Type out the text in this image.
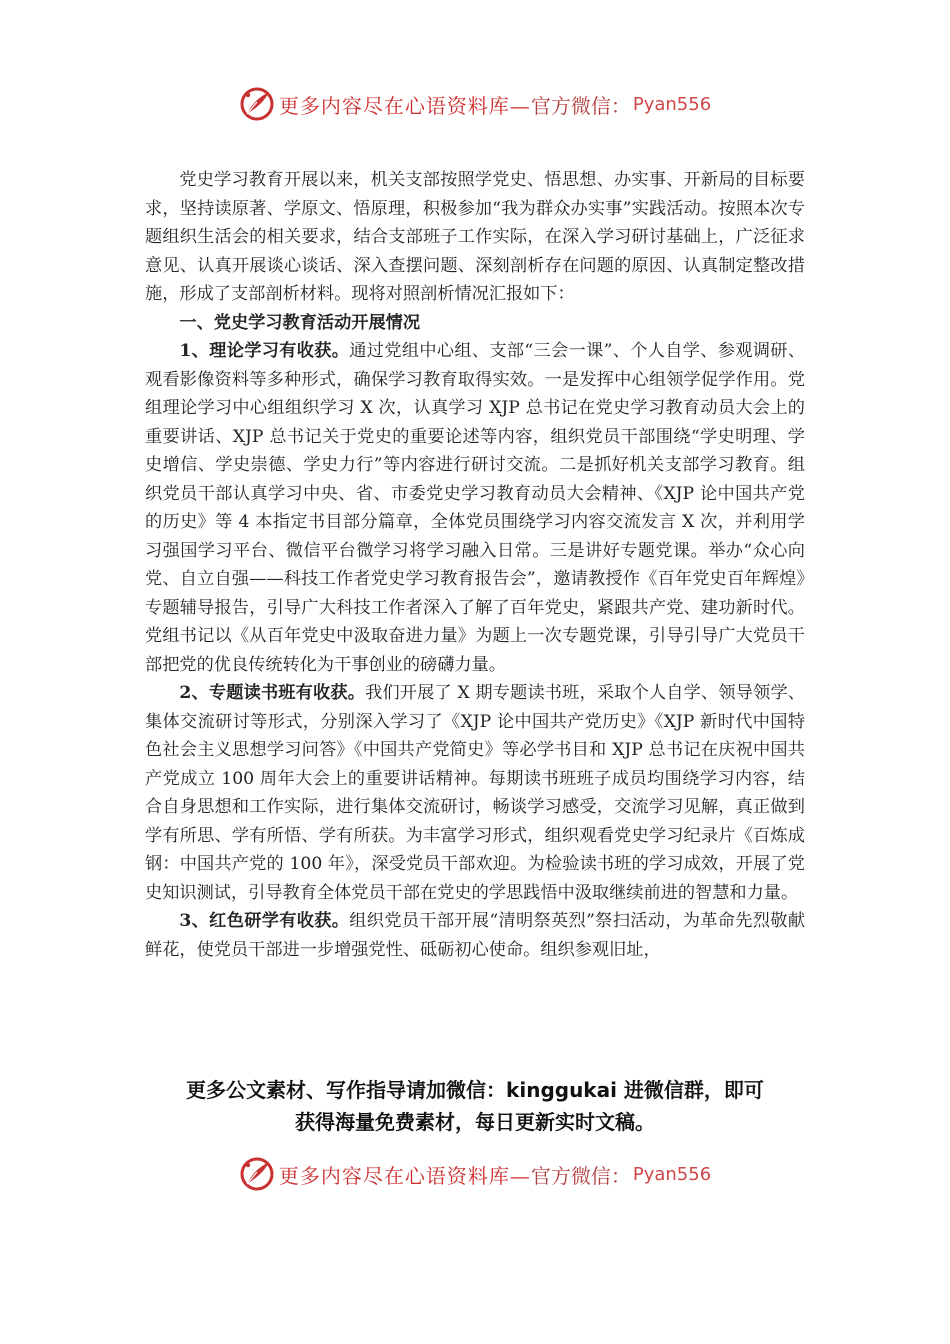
更多内容尽在心语资料库— 官方微信： Pyan556

党史学习教育开展以来，机关支部按照学党史、悟思想、办实事、开新局的目标要求，坚持读原著、学原文、悟原理，积极参加“我为群众办实事”实践活动。按照本次专题组织生活会的相关要求，结合支部班子工作实际，在深入学习研讨基础上，广泛征求意见、认真开展谈心谈话、深入查摆问题、深刻剖析存在问题的原因、认真制定整改措施，形成了支部剖析材料。现将对照剖析情况汇报如下：

一、党史学习教育活动开展情况

1、理论学习有收获。通过党组中心组、支部“三会一课”、个人自学、参观调研、观看影像资料等多种形式，确保学习教育取得实效。一是发挥中心组领学促学作用。党组理论学习中心组组织学习 X 次，认真学习 XJP 总书记在党史学习教育动员大会上的重要讲话、XJP 总书记关于党史的重要论述等内容，组织党员干部围绕“学史明理、学史增信、学史崇德、学史力行”等内容进行研讨交流。二是抓好机关支部学习教育。组织党员干部认真学习中央、省、市委党史学习教育动员大会精神、《XJP 论中国共产党的历史》等 4 本指定书目部分篇章，全体党员围绕学习内容交流发言 X 次，并利用学习强国学习平台、微信平台微学习将学习融入日常。三是讲好专题党课。举办“众心向党、自立自强——科技工作者党史学习教育报告会”，邀请教授作《百年党史百年辉煌》专题辅导报告，引导广大科技工作者深入了解了百年党史，紧跟共产党、建功新时代。党组书记以《从百年党史中汲取奋进力量》为题上一次专题党课，引导引导广大党员干部把党的优良传统转化为干事创业的磅礴力量。

2、专题读书班有收获。我们开展了 X 期专题读书班，采取个人自学、领导领学、集体交流研讨等形式，分别深入学习了《XJP 论中国共产党历史》《XJP 新时代中国特色社会主义思想学习问答》《中国共产党简史》等必学书目和 XJP 总书记在庆祝中国共产党成立 100 周年大会上的重要讲话精神。每期读书班班子成员均围绕学习内容，结合自身思想和工作实际，进行集体交流研讨，畅谈学习感受，交流学习见解，真正做到学有所思、学有所悟、学有所获。为丰富学习形式，组织观看党史学习纪录片《百炼成钢：中国共产党的 100 年》，深受党员干部欢迎。为检验读书班的学习成效，开展了党史知识测试，引导教育全体党员干部在党史的学思践悟中汲取继续前进的智慧和力量。

3、红色研学有收获。组织党员干部开展“清明祭英烈”祭扫活动，为革命先烈敬献鲜花，使党员干部进一步增强党性、砥砺初心使命。组织参观旧址，

更多公文素材、写作指导请加微信：kinggukai 进微信群，即可
获得海量免费素材，每日更新实时文稿。
更多内容尽在心语资料库— 官方微信： Pyan556
